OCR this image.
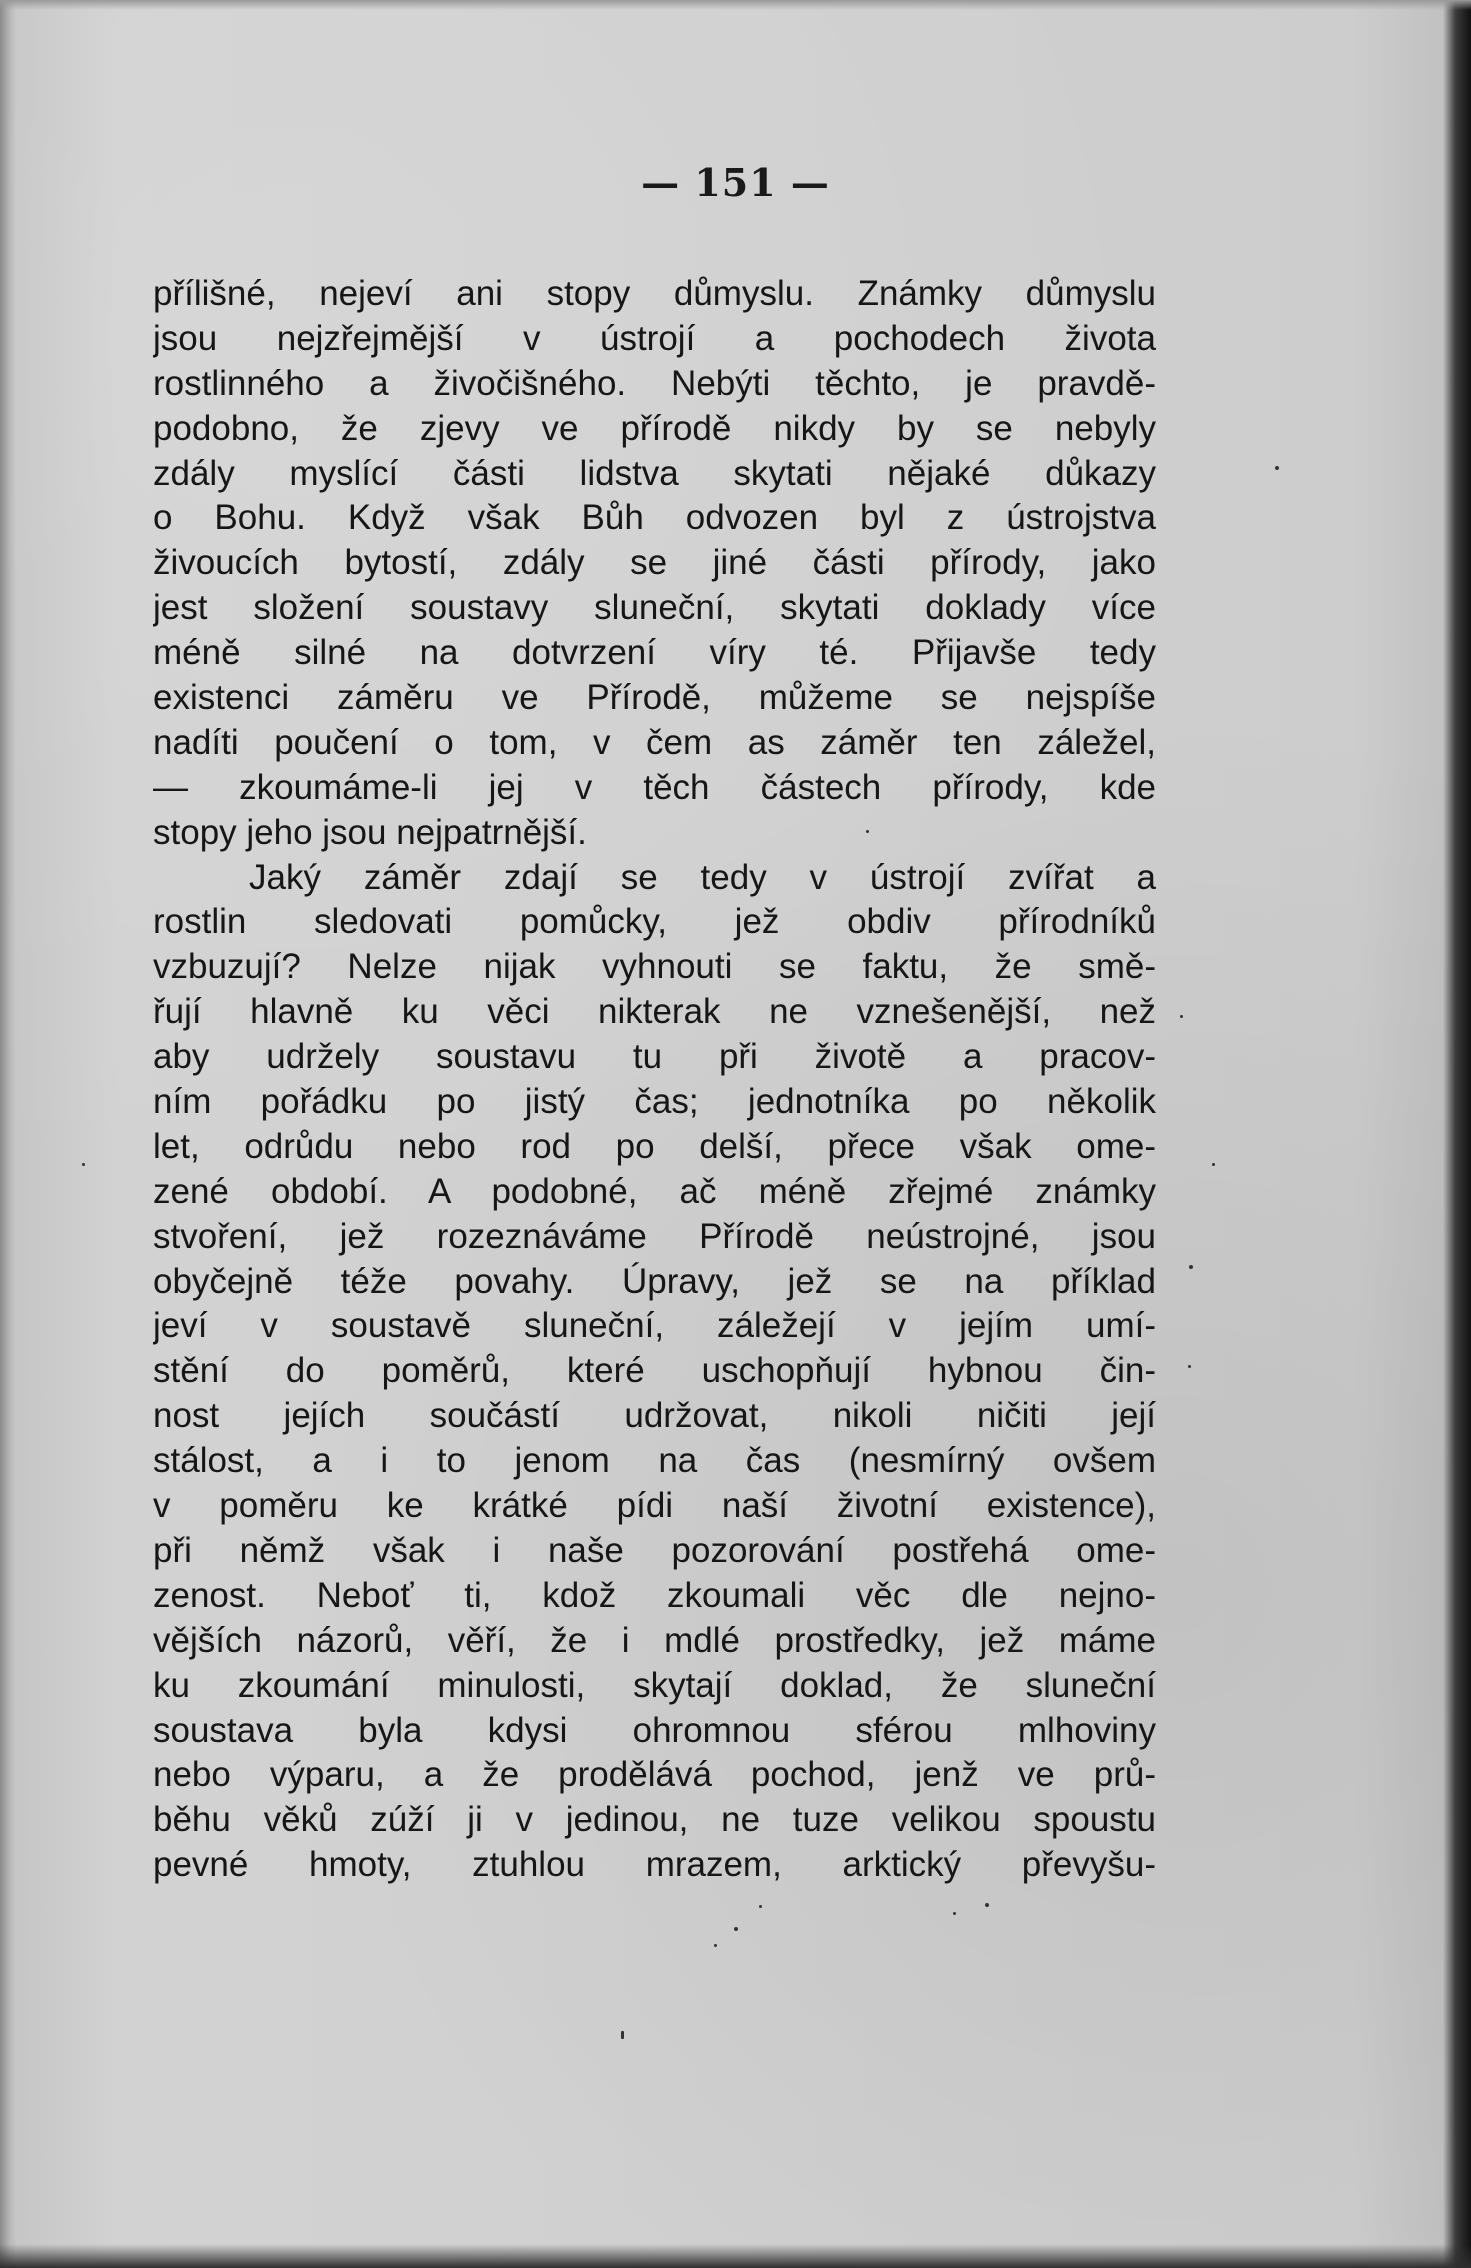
— 151 —
přílišné, nejeví ani stopy důmyslu. Známky důmyslu
jsou nejzřejmější v ústrojí a pochodech života
rostlinného a živočišného. Nebýti těchto, je pravdě-
podobno, že zjevy ve přírodě nikdy by se nebyly
zdály myslící části lidstva skytati nějaké důkazy
o Bohu. Když však Bůh odvozen byl z ústrojstva
živoucích bytostí, zdály se jiné části přírody, jako
jest složení soustavy sluneční, skytati doklady více
méně silné na dotvrzení víry té. Přijavše tedy
existenci záměru ve Přírodě, můžeme se nejspíše
nadíti poučení o tom, v čem as záměr ten záležel,
— zkoumáme-li jej v těch částech přírody, kde
stopy jeho jsou nejpatrnější.
Jaký záměr zdají se tedy v ústrojí zvířat a
rostlin sledovati pomůcky, jež obdiv přírodníků
vzbuzují? Nelze nijak vyhnouti se faktu, že smě-
řují hlavně ku věci nikterak ne vznešenější, než
aby udržely soustavu tu při životě a pracov-
ním pořádku po jistý čas; jednotníka po několik
let, odrůdu nebo rod po delší, přece však ome-
zené období. A podobné, ač méně zřejmé známky
stvoření, jež rozeznáváme Přírodě neústrojné, jsou
obyčejně téže povahy. Úpravy, jež se na příklad
jeví v soustavě sluneční, záležejí v jejím umí-
stění do poměrů, které uschopňují hybnou čin-
nost jejích součástí udržovat, nikoli ničiti její
stálost, a i to jenom na čas (nesmírný ovšem
v poměru ke krátké pídi naší životní existence),
při němž však i naše pozorování postřehá ome-
zenost. Neboť ti, kdož zkoumali věc dle nejno-
vějších názorů, věří, že i mdlé prostředky, jež máme
ku zkoumání minulosti, skytají doklad, že sluneční
soustava byla kdysi ohromnou sférou mlhoviny
nebo výparu, a že prodělává pochod, jenž ve prů-
běhu věků zúží ji v jedinou, ne tuze velikou spoustu
pevné hmoty, ztuhlou mrazem, arktický převyšu-
